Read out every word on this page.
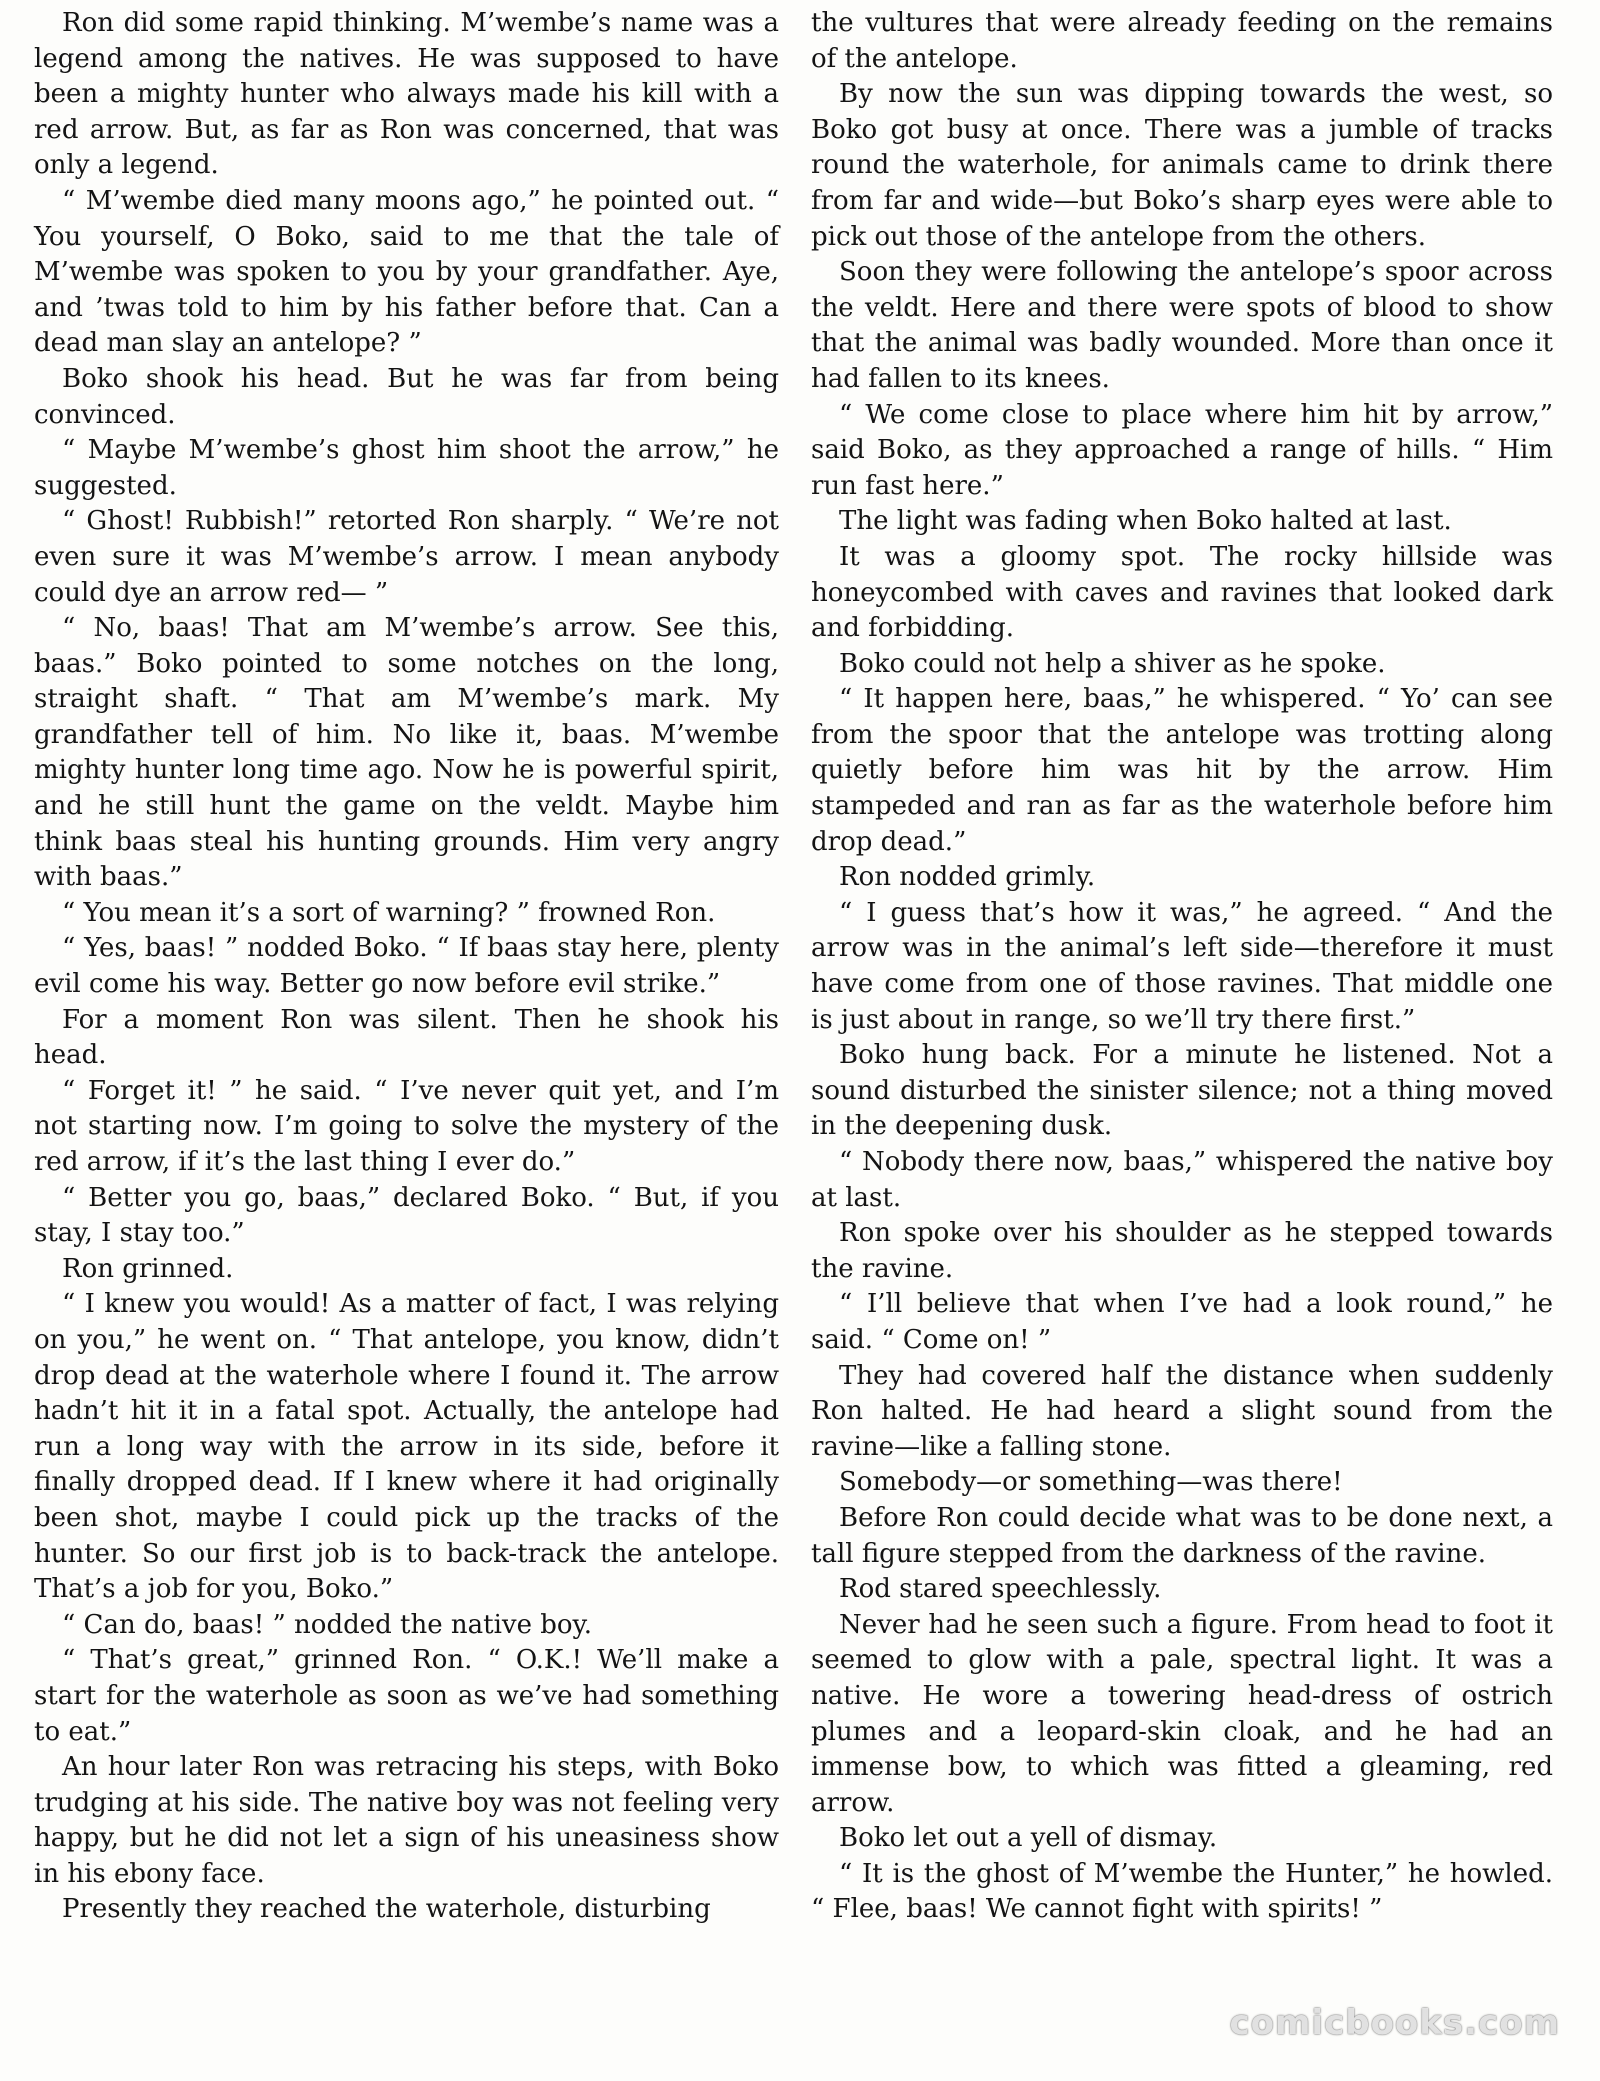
Ron did some rapid thinking. M’wembe’s name was a legend among the natives. He was supposed to have been a mighty hunter who always made his kill with a red arrow. But, as far as Ron was concerned, that was only a legend.

“ M’wembe died many moons ago,” he pointed out. “ You yourself, O Boko, said to me that the tale of M’wembe was spoken to you by your grandfather. Aye, and ’twas told to him by his father before that. Can a dead man slay an antelope? ”

Boko shook his head. But he was far from being convinced.

“ Maybe M’wembe’s ghost him shoot the arrow,” he suggested.

“ Ghost! Rubbish!” retorted Ron sharply. “ We’re not even sure it was M’wembe’s arrow. I mean anybody could dye an arrow red— ”

“ No, baas! That am M’wembe’s arrow. See this, baas.” Boko pointed to some notches on the long, straight shaft. “ That am M’wembe’s mark. My grandfather tell of him. No like it, baas. M’wembe mighty hunter long time ago. Now he is powerful spirit, and he still hunt the game on the veldt. Maybe him think baas steal his hunting grounds. Him very angry with baas.”

“ You mean it’s a sort of warning? ” frowned Ron.

“ Yes, baas! ” nodded Boko. “ If baas stay here, plenty evil come his way. Better go now before evil strike.”

For a moment Ron was silent. Then he shook his head.

“ Forget it! ” he said. “ I’ve never quit yet, and I’m not starting now. I’m going to solve the mystery of the red arrow, if it’s the last thing I ever do.”

“ Better you go, baas,” declared Boko. “ But, if you stay, I stay too.”

Ron grinned.

“ I knew you would! As a matter of fact, I was relying on you,” he went on. “ That antelope, you know, didn’t drop dead at the waterhole where I found it. The arrow hadn’t hit it in a fatal spot. Actually, the antelope had run a long way with the arrow in its side, before it finally dropped dead. If I knew where it had originally been shot, maybe I could pick up the tracks of the hunter. So our first job is to back-track the antelope. That’s a job for you, Boko.”

“ Can do, baas! ” nodded the native boy.

“ That’s great,” grinned Ron. “ O.K.! We’ll make a start for the waterhole as soon as we’ve had something to eat.”

An hour later Ron was retracing his steps, with Boko trudging at his side. The native boy was not feeling very happy, but he did not let a sign of his uneasiness show in his ebony face.

Presently they reached the waterhole, disturbing

the vultures that were already feeding on the remains of the antelope.

By now the sun was dipping towards the west, so Boko got busy at once. There was a jumble of tracks round the waterhole, for animals came to drink there from far and wide—but Boko’s sharp eyes were able to pick out those of the antelope from the others.

Soon they were following the antelope’s spoor across the veldt. Here and there were spots of blood to show that the animal was badly wounded. More than once it had fallen to its knees.

“ We come close to place where him hit by arrow,” said Boko, as they approached a range of hills. “ Him run fast here.”

The light was fading when Boko halted at last.

It was a gloomy spot. The rocky hillside was honeycombed with caves and ravines that looked dark and forbidding.

Boko could not help a shiver as he spoke.

“ It happen here, baas,” he whispered. “ Yo’ can see from the spoor that the antelope was trotting along quietly before him was hit by the arrow. Him stampeded and ran as far as the waterhole before him drop dead.”

Ron nodded grimly.

“ I guess that’s how it was,” he agreed. “ And the arrow was in the animal’s left side—therefore it must have come from one of those ravines. That middle one is just about in range, so we’ll try there first.”

Boko hung back. For a minute he listened. Not a sound disturbed the sinister silence; not a thing moved in the deepening dusk.

“ Nobody there now, baas,” whispered the native boy at last.

Ron spoke over his shoulder as he stepped towards the ravine.

“ I’ll believe that when I’ve had a look round,” he said. “ Come on! ”

They had covered half the distance when suddenly Ron halted. He had heard a slight sound from the ravine—like a falling stone.

Somebody—or something—was there!

Before Ron could decide what was to be done next, a tall figure stepped from the darkness of the ravine.

Rod stared speechlessly.

Never had he seen such a figure. From head to foot it seemed to glow with a pale, spectral light. It was a native. He wore a towering head-dress of ostrich plumes and a leopard-skin cloak, and he had an immense bow, to which was fitted a gleaming, red arrow.

Boko let out a yell of dismay.

“ It is the ghost of M’wembe the Hunter,” he howled. “ Flee, baas! We cannot fight with spirits! ”

comicbooks.com
